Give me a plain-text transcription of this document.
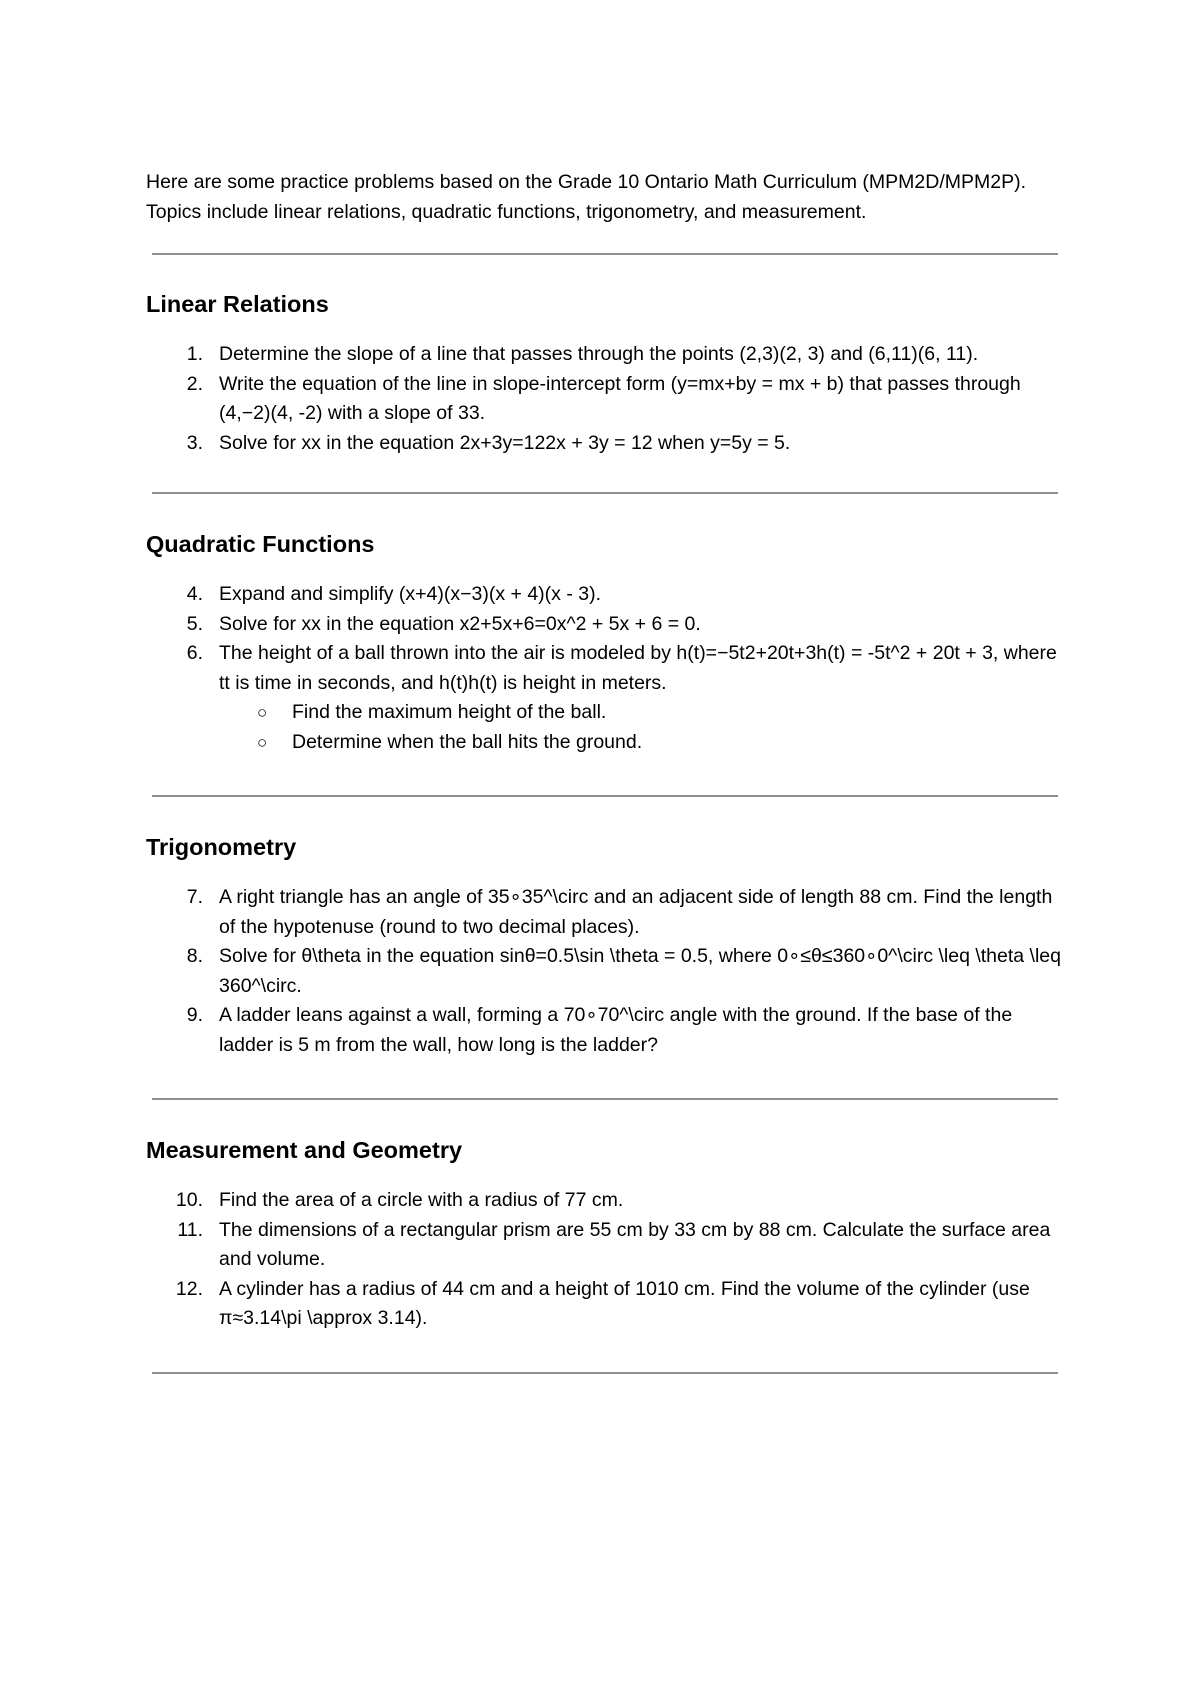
Here are some practice problems based on the Grade 10 Ontario Math Curriculum (MPM2D/MPM2P). Topics include linear relations, quadratic functions, trigonometry, and measurement.

Linear Relations
1. Determine the slope of a line that passes through the points (2,3)(2, 3) and (6,11)(6, 11).
2. Write the equation of the line in slope-intercept form (y=mx+by = mx + b) that passes through (4,−2)(4, -2) with a slope of 33.
3. Solve for xx in the equation 2x+3y=122x + 3y = 12 when y=5y = 5.
Quadratic Functions
4. Expand and simplify (x+4)(x−3)(x + 4)(x - 3).
5. Solve for xx in the equation x2+5x+6=0x^2 + 5x + 6 = 0.
6. The height of a ball thrown into the air is modeled by h(t)=−5t2+20t+3h(t) = -5t^2 + 20t + 3, where tt is time in seconds, and h(t)h(t) is height in meters.
○ Find the maximum height of the ball.
○ Determine when the ball hits the ground.
Trigonometry
7. A right triangle has an angle of 35∘35^\circ and an adjacent side of length 88 cm. Find the length of the hypotenuse (round to two decimal places).
8. Solve for θ\theta in the equation sinθ=0.5\sin \theta = 0.5, where 0∘≤θ≤360∘0^\circ \leq \theta \leq 360^\circ.
9. A ladder leans against a wall, forming a 70∘70^\circ angle with the ground. If the base of the ladder is 5 m from the wall, how long is the ladder?
Measurement and Geometry
10. Find the area of a circle with a radius of 77 cm.
11. The dimensions of a rectangular prism are 55 cm by 33 cm by 88 cm. Calculate the surface area and volume.
12. A cylinder has a radius of 44 cm and a height of 1010 cm. Find the volume of the cylinder (use π≈3.14\pi \approx 3.14).
